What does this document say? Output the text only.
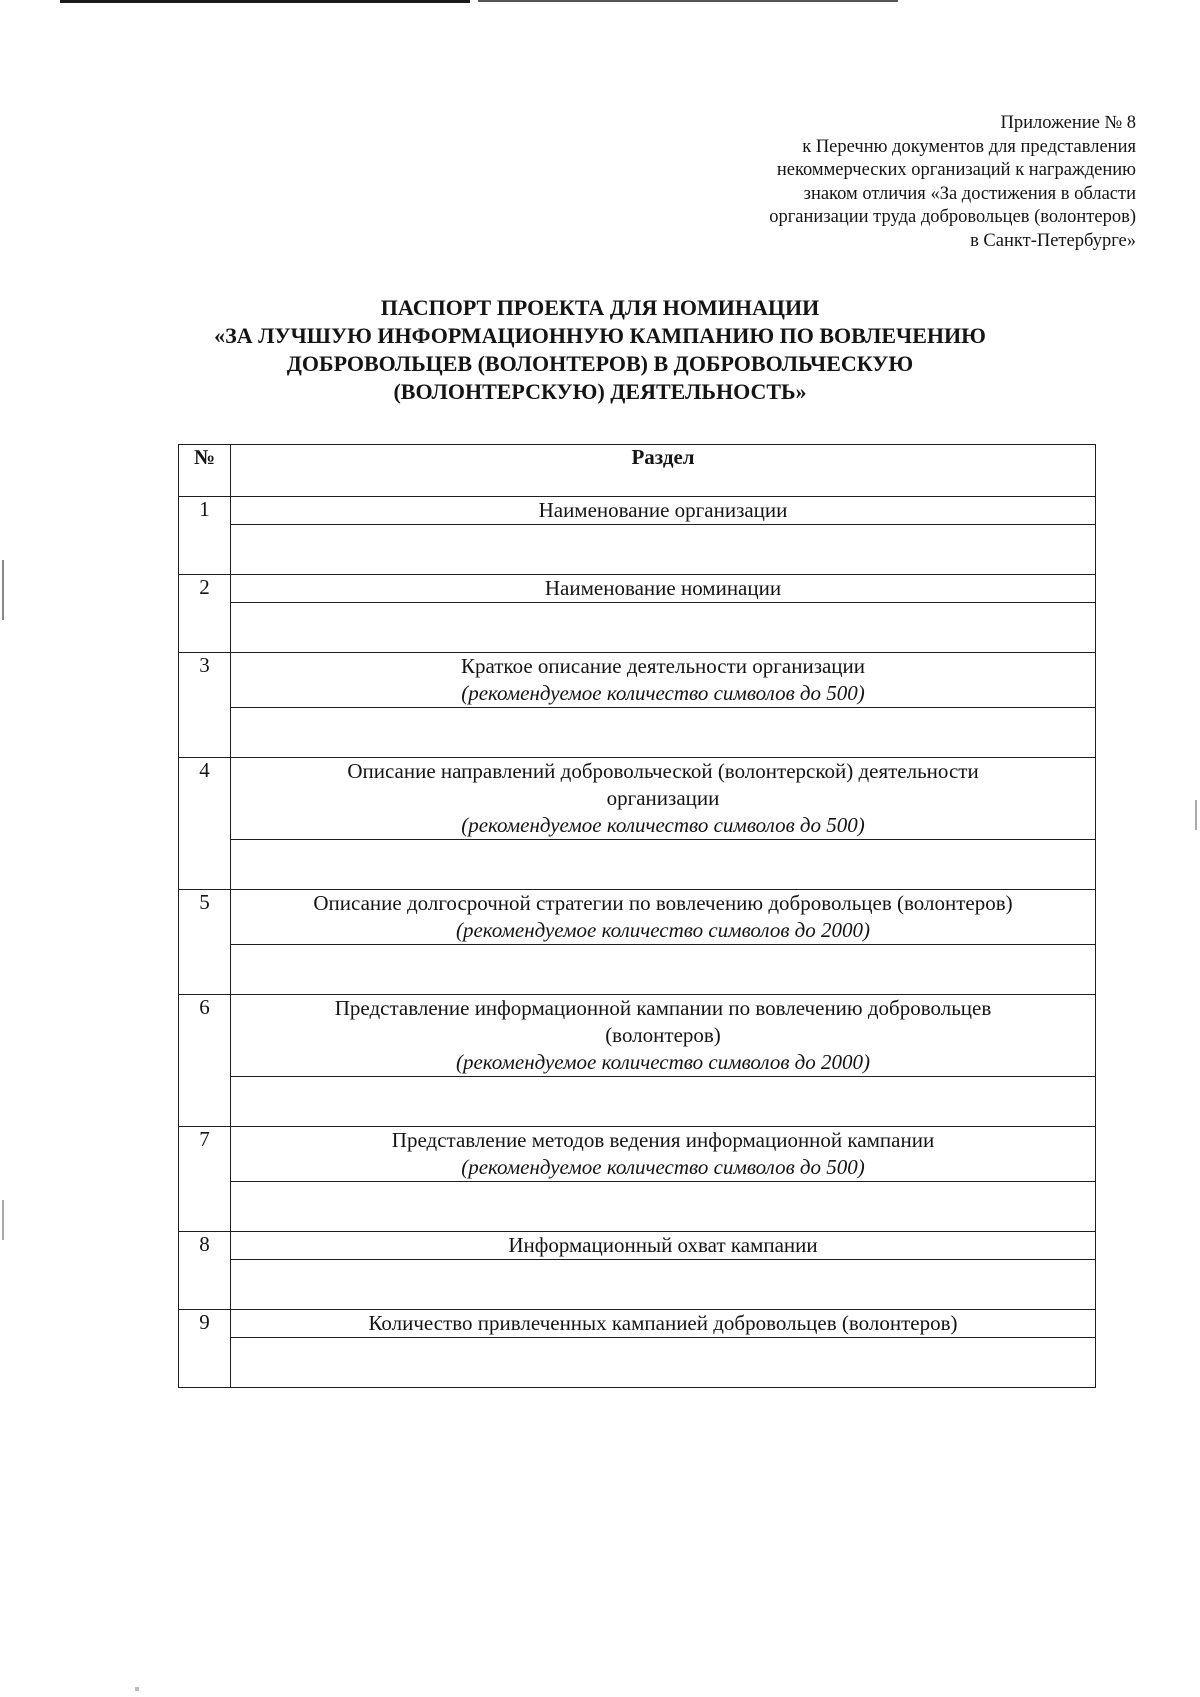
Приложение № 8
к Перечню документов для представления
некоммерческих организаций к награждению
знаком отличия «За достижения в области
организации труда добровольцев (волонтеров)
в Санкт-Петербурге»
ПАСПОРТ ПРОЕКТА ДЛЯ НОМИНАЦИИ
«ЗА ЛУЧШУЮ ИНФОРМАЦИОННУЮ КАМПАНИЮ ПО ВОВЛЕЧЕНИЮ
ДОБРОВОЛЬЦЕВ (ВОЛОНТЕРОВ) В ДОБРОВОЛЬЧЕСКУЮ
(ВОЛОНТЕРСКУЮ) ДЕЯТЕЛЬНОСТЬ»
№	Раздел
1	Наименование организации

2	Наименование номинации

3	Краткое описание деятельности организации
(рекомендуемое количество символов до 500)

4	Описание направлений добровольческой (волонтерской) деятельности
организации
(рекомендуемое количество символов до 500)

5	Описание долгосрочной стратегии по вовлечению добровольцев (волонтеров)
(рекомендуемое количество символов до 2000)

6	Представление информационной кампании по вовлечению добровольцев
(волонтеров)
(рекомендуемое количество символов до 2000)

7	Представление методов ведения информационной кампании
(рекомендуемое количество символов до 500)

8	Информационный охват кампании

9	Количество привлеченных кампанией добровольцев (волонтеров)
